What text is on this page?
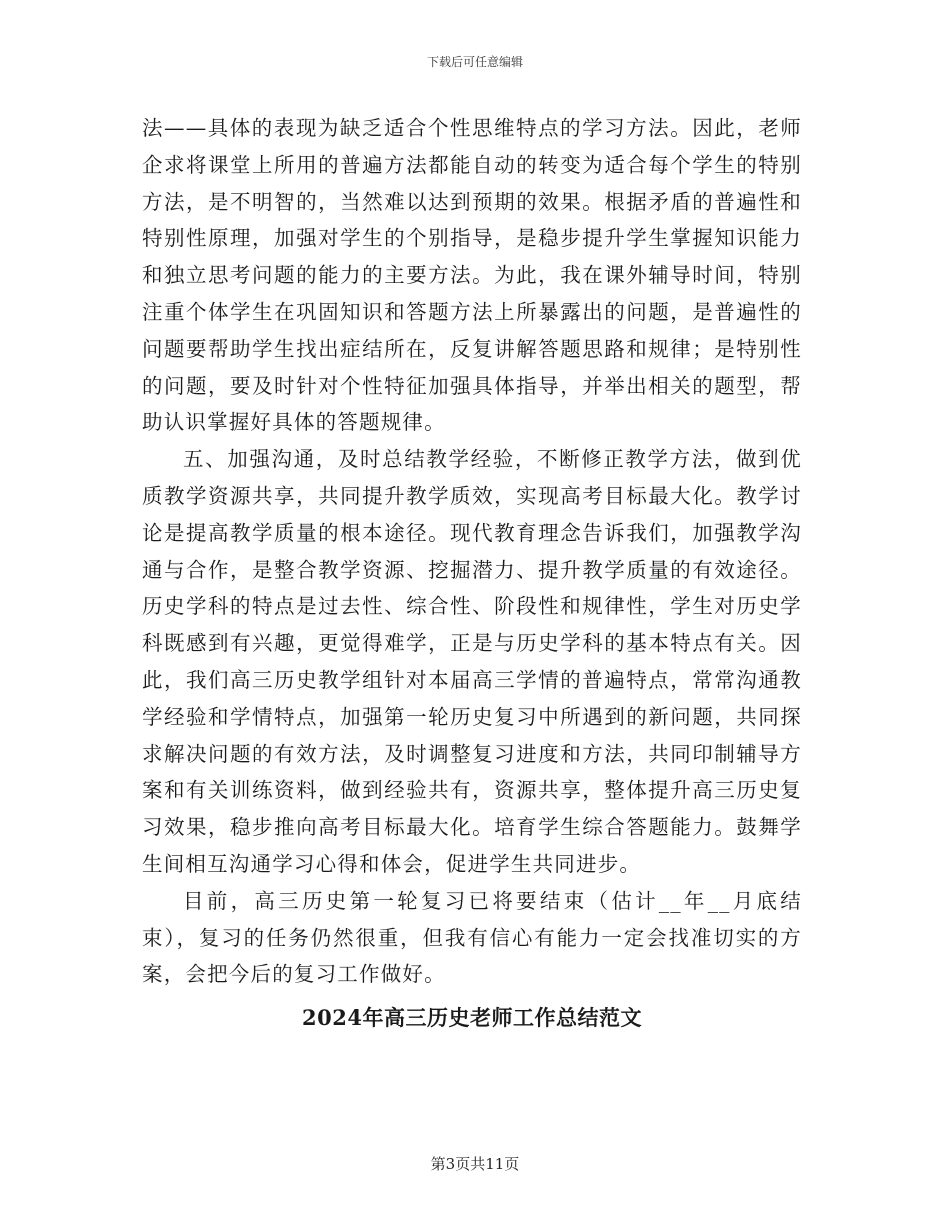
下载后可任意编辑

法——具体的表现为缺乏适合个性思维特点的学习方法。因此，老师企求将课堂上所用的普遍方法都能自动的转变为适合每个学生的特别方法，是不明智的，当然难以达到预期的效果。根据矛盾的普遍性和特别性原理，加强对学生的个别指导，是稳步提升学生掌握知识能力和独立思考问题的能力的主要方法。为此，我在课外辅导时间，特别注重个体学生在巩固知识和答题方法上所暴露出的问题，是普遍性的问题要帮助学生找出症结所在，反复讲解答题思路和规律；是特别性的问题，要及时针对个性特征加强具体指导，并举出相关的题型，帮助认识掌握好具体的答题规律。

五、加强沟通，及时总结教学经验，不断修正教学方法，做到优质教学资源共享，共同提升教学质效，实现高考目标最大化。教学讨论是提高教学质量的根本途径。现代教育理念告诉我们，加强教学沟通与合作，是整合教学资源、挖掘潜力、提升教学质量的有效途径。历史学科的特点是过去性、综合性、阶段性和规律性，学生对历史学科既感到有兴趣，更觉得难学，正是与历史学科的基本特点有关。因此，我们高三历史教学组针对本届高三学情的普遍特点，常常沟通教学经验和学情特点，加强第一轮历史复习中所遇到的新问题，共同探求解决问题的有效方法，及时调整复习进度和方法，共同印制辅导方案和有关训练资料，做到经验共有，资源共享，整体提升高三历史复习效果，稳步推向高考目标最大化。培育学生综合答题能力。鼓舞学生间相互沟通学习心得和体会，促进学生共同进步。

目前，高三历史第一轮复习已将要结束（估计__年__月底结束），复习的任务仍然很重，但我有信心有能力一定会找准切实的方案，会把今后的复习工作做好。

2024年高三历史老师工作总结范文
第3页共11页
